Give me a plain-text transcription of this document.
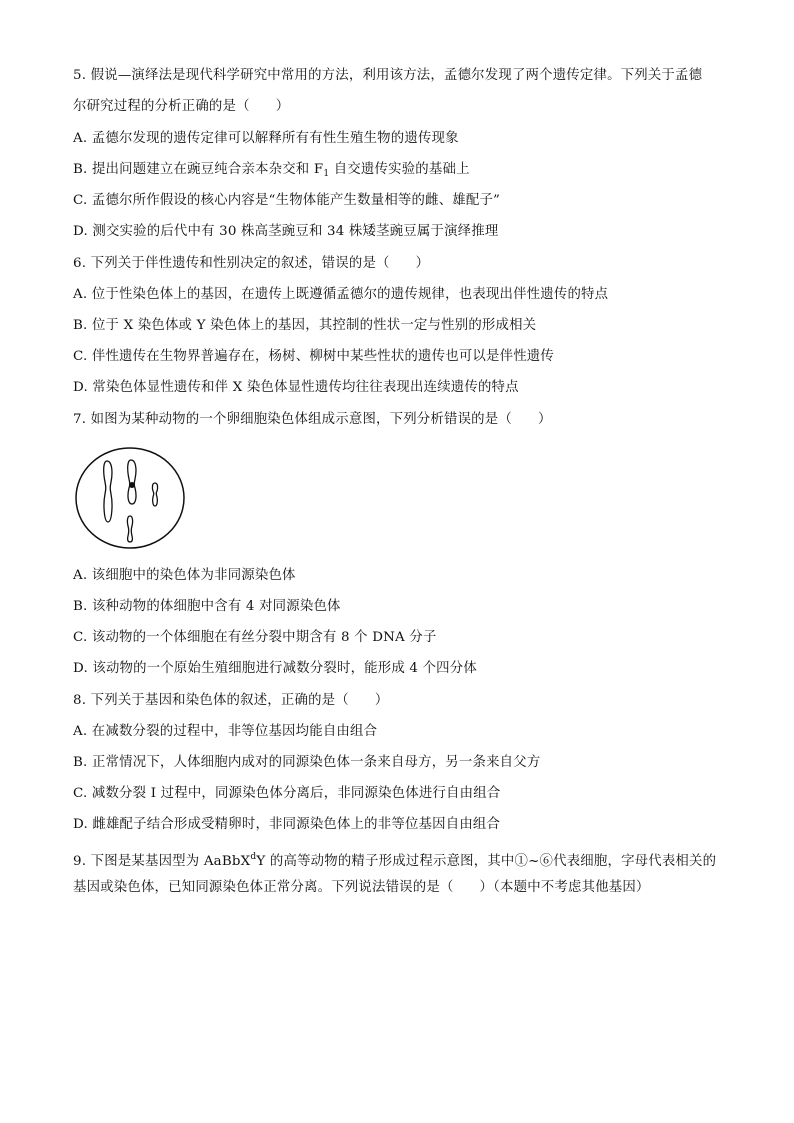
5. 假说—演绎法是现代科学研究中常用的方法，利用该方法，孟德尔发现了两个遗传定律。下列关于孟德
尔研究过程的分析正确的是（ ）
A. 孟德尔发现的遗传定律可以解释所有有性生殖生物的遗传现象
B. 提出问题建立在豌豆纯合亲本杂交和 $F_1$ 自交遗传实验的基础上
C. 孟德尔所作假设的核心内容是“生物体能产生数量相等的雌、雄配子”
D. 测交实验的后代中有 30 株高茎豌豆和 34 株矮茎豌豆属于演绎推理
6. 下列关于伴性遗传和性别决定的叙述，错误的是（ ）
A. 位于性染色体上的基因，在遗传上既遵循孟德尔的遗传规律，也表现出伴性遗传的特点
B. 位于 X 染色体或 Y 染色体上的基因，其控制的性状一定与性别的形成相关
C. 伴性遗传在生物界普遍存在，杨树、柳树中某些性状的遗传也可以是伴性遗传
D. 常染色体显性遗传和伴 X 染色体显性遗传均往往表现出连续遗传的特点
7. 如图为某种动物的一个卵细胞染色体组成示意图，下列分析错误的是（ ）
A. 该细胞中的染色体为非同源染色体
B. 该种动物的体细胞中含有 4 对同源染色体
C. 该动物的一个体细胞在有丝分裂中期含有 8 个 DNA 分子
D. 该动物的一个原始生殖细胞进行减数分裂时，能形成 4 个四分体
8. 下列关于基因和染色体的叙述，正确的是（ ）
A. 在减数分裂的过程中，非等位基因均能自由组合
B. 正常情况下，人体细胞内成对的同源染色体一条来自母方，另一条来自父方
C. 减数分裂 I 过程中，同源染色体分离后，非同源染色体进行自由组合
D. 雌雄配子结合形成受精卵时，非同源染色体上的非等位基因自由组合
9. 下图是某基因型为 AaBbX$^d$Y 的高等动物的精子形成过程示意图，其中①~⑥代表细胞，字母代表相关的
基因或染色体，已知同源染色体正常分离。下列说法错误的是（ ）（本题中不考虑其他基因）
